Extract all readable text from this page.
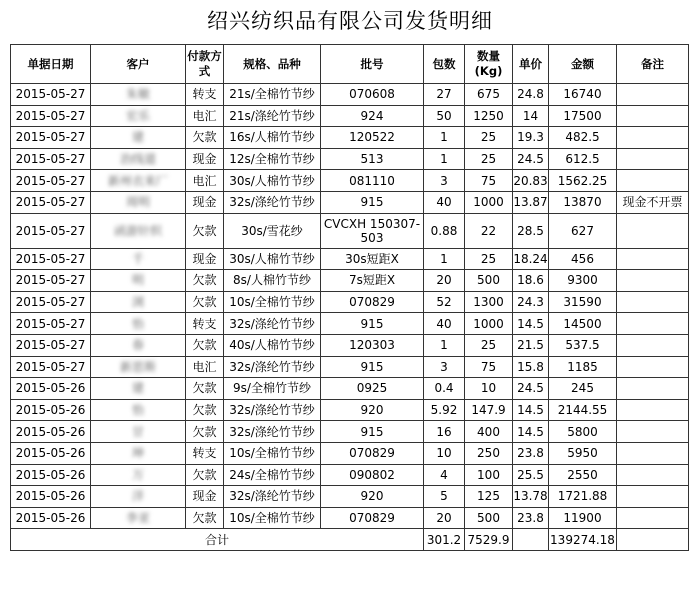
绍兴纺织品有限公司发货明细
单据日期	客户	付款方式	规格、品种	批号	包数	数量(Kg)	单价	金额	备注
2015-05-27	朱敏	转支	21s/全棉竹节纱	070608	27	675	24.8	16740	
2015-05-27	宏乐	电汇	21s/涤纶竹节纱	924	50	1250	14	17500	
2015-05-27	建	欠款	16s/人棉竹节纱	120522	1	25	19.3	482.5	
2015-05-27	治线道	现金	12s/全棉竹节纱	513	1	25	24.5	612.5	
2015-05-27	新州衣来厂	电汇	30s/人棉竹节纱	081110	3	75	20.83	1562.25	
2015-05-27	周明	现金	32s/涤纶竹节纱	915	40	1000	13.87	13870	现金不开票
2015-05-27	函游针织	欠款	30s/雪花纱	CVCXH 150307-503	0.88	22	28.5	627	
2015-05-27	千	现金	30s/人棉竹节纱	30s短距X	1	25	18.24	456	
2015-05-27	明	欠款	8s/人棉竹节纱	7s短距X	20	500	18.6	9300	
2015-05-27	浏	欠款	10s/全棉竹节纱	070829	52	1300	24.3	31590	
2015-05-27	怡	转支	32s/涤纶竹节纱	915	40	1000	14.5	14500	
2015-05-27	春	欠款	40s/人棉竹节纱	120303	1	25	21.5	537.5	
2015-05-27	新思斯	电汇	32s/涤纶竹节纱	915	3	75	15.8	1185	
2015-05-26	建	欠款	9s/全棉竹节纱	0925	0.4	10	24.5	245	
2015-05-26	怡	欠款	32s/涤纶竹节纱	920	5.92	147.9	14.5	2144.55	
2015-05-26	甘	欠款	32s/涤纶竹节纱	915	16	400	14.5	5800	
2015-05-26	坤	转支	10s/全棉竹节纱	070829	10	250	23.8	5950	
2015-05-26	万	欠款	24s/全棉竹节纱	090802	4	100	25.5	2550	
2015-05-26	洋	现金	32s/涤纶竹节纱	920	5	125	13.78	1721.88	
2015-05-26	李亚	欠款	10s/全棉竹节纱	070829	20	500	23.8	11900	
合计					301.2	7529.9		139274.18	
